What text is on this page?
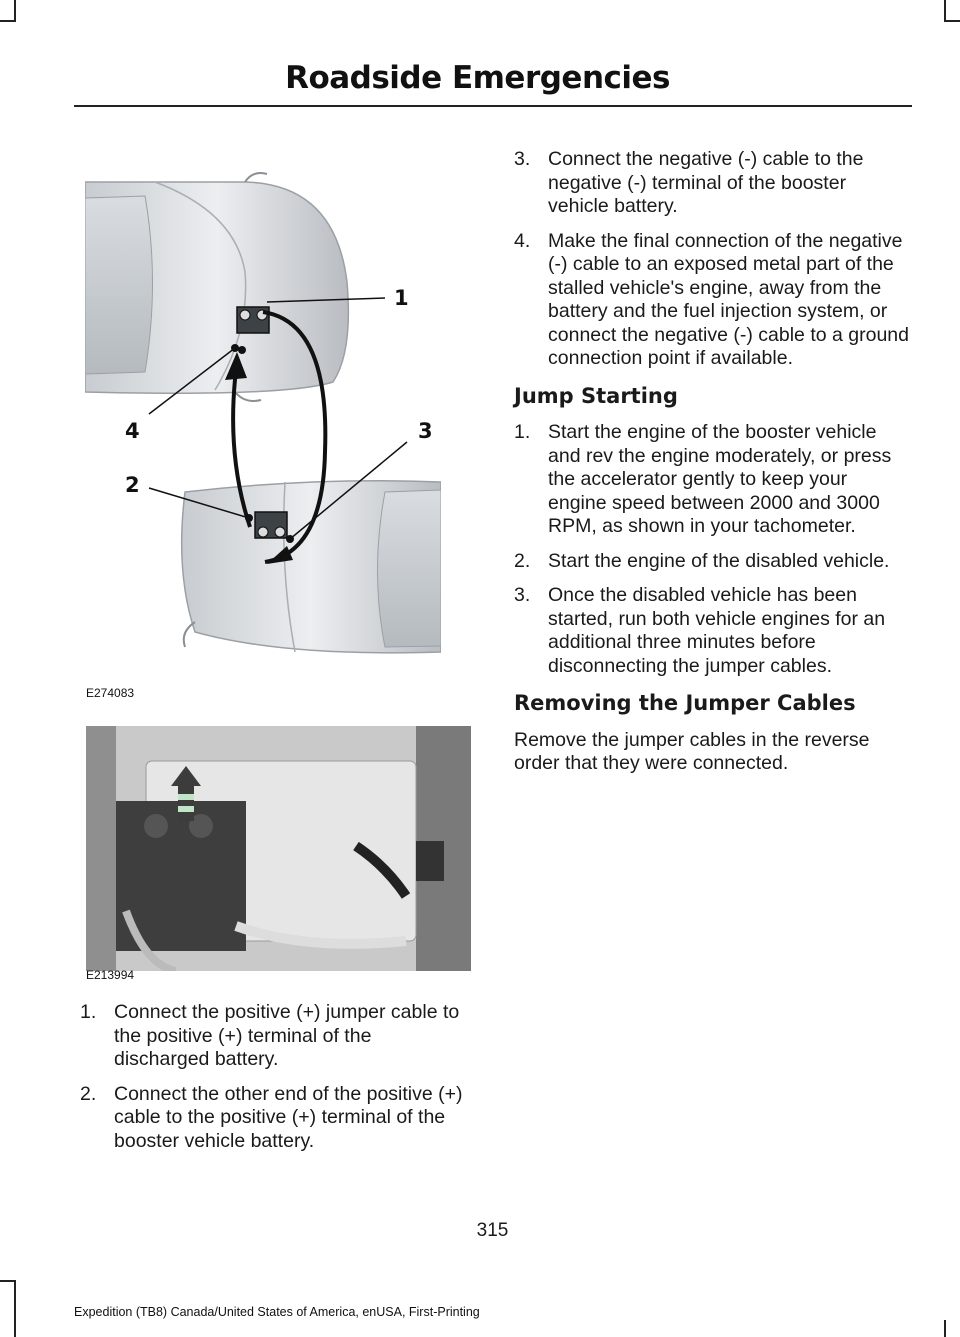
Roadside Emergencies
1
4	3
2
E274083
E213994
1. Connect the positive (+) jumper cable to the positive (+) terminal of the discharged battery.
2. Connect the other end of the positive (+) cable to the positive (+) terminal of the booster vehicle battery.
3. Connect the negative (-) cable to the negative (-) terminal of the booster vehicle battery.
4. Make the final connection of the negative (-) cable to an exposed metal part of the stalled vehicle's engine, away from the battery and the fuel injection system, or connect the negative (-) cable to a ground connection point if available.
Jump Starting
1. Start the engine of the booster vehicle and rev the engine moderately, or press the accelerator gently to keep your engine speed between 2000 and 3000 RPM, as shown in your tachometer.
2. Start the engine of the disabled vehicle.
3. Once the disabled vehicle has been started, run both vehicle engines for an additional three minutes before disconnecting the jumper cables.
Removing the Jumper Cables

Remove the jumper cables in the reverse order that they were connected.

315
Expedition (TB8) Canada/United States of America, enUSA, First-Printing
